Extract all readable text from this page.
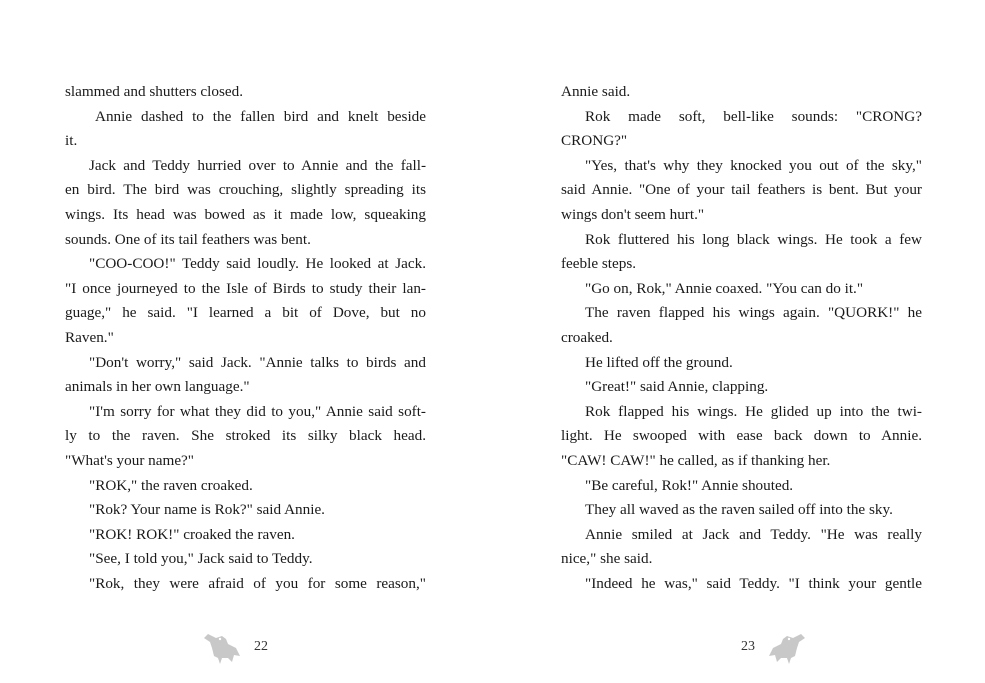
slammed and shutters closed.
Annie dashed to the fallen bird and knelt beside
it.
Jack and Teddy hurried over to Annie and the fall-
en bird. The bird was crouching, slightly spreading its
wings. Its head was bowed as it made low, squeaking
sounds. One of its tail feathers was bent.
"COO-COO!" Teddy said loudly. He looked at Jack.
"I once journeyed to the Isle of Birds to study their lan-
guage," he said. "I learned a bit of Dove, but no
Raven."
"Don't worry," said Jack. "Annie talks to birds and
animals in her own language."
"I'm sorry for what they did to you," Annie said soft-
ly to the raven. She stroked its silky black head.
"What's your name?"
"ROK," the raven croaked.
"Rok? Your name is Rok?" said Annie.
"ROK! ROK!" croaked the raven.
"See, I told you," Jack said to Teddy.
"Rok, they were afraid of you for some reason,"
Annie said.
Rok made soft, bell-like sounds: "CRONG?
CRONG?"
"Yes, that's why they knocked you out of the sky,"
said Annie. "One of your tail feathers is bent. But your
wings don't seem hurt."
Rok fluttered his long black wings. He took a few
feeble steps.
"Go on, Rok," Annie coaxed. "You can do it."
The raven flapped his wings again. "QUORK!" he
croaked.
He lifted off the ground.
"Great!" said Annie, clapping.
Rok flapped his wings. He glided up into the twi-
light. He swooped with ease back down to Annie.
"CAW! CAW!" he called, as if thanking her.
"Be careful, Rok!" Annie shouted.
They all waved as the raven sailed off into the sky.
Annie smiled at Jack and Teddy. "He was really
nice," she said.
"Indeed he was," said Teddy. "I think your gentle
22	23
